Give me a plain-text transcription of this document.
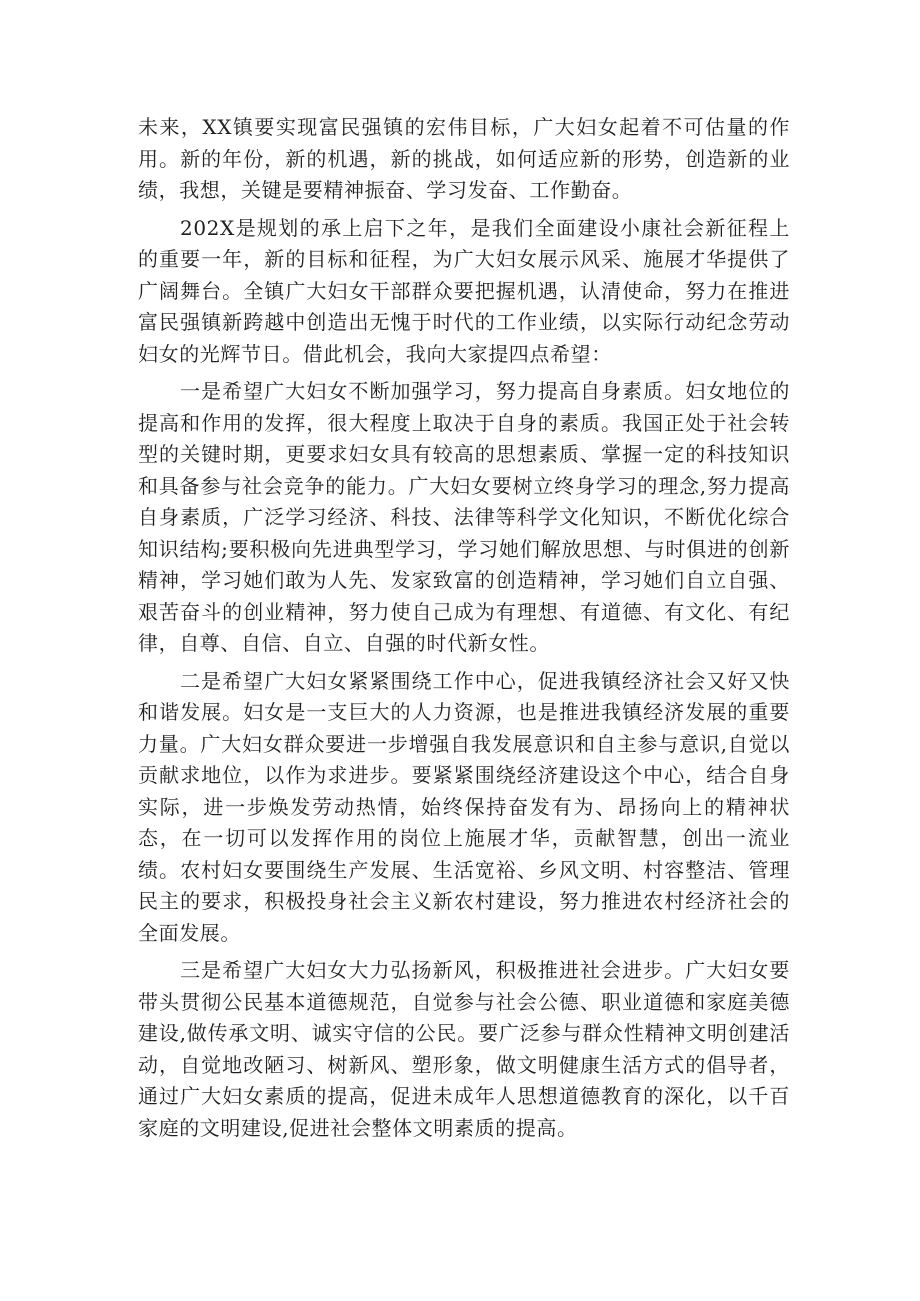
未来，XX镇要实现富民强镇的宏伟目标，广大妇女起着不可估量的作用。新的年份，新的机遇，新的挑战，如何适应新的形势，创造新的业绩，我想，关键是要精神振奋、学习发奋、工作勤奋。

202X是规划的承上启下之年，是我们全面建设小康社会新征程上的重要一年，新的目标和征程，为广大妇女展示风采、施展才华提供了广阔舞台。全镇广大妇女干部群众要把握机遇，认清使命，努力在推进富民强镇新跨越中创造出无愧于时代的工作业绩，以实际行动纪念劳动妇女的光辉节日。借此机会，我向大家提四点希望：

一是希望广大妇女不断加强学习，努力提高自身素质。妇女地位的提高和作用的发挥，很大程度上取决于自身的素质。我国正处于社会转型的关键时期，更要求妇女具有较高的思想素质、掌握一定的科技知识和具备参与社会竞争的能力。广大妇女要树立终身学习的理念,努力提高自身素质，广泛学习经济、科技、法律等科学文化知识，不断优化综合知识结构;要积极向先进典型学习，学习她们解放思想、与时俱进的创新精神，学习她们敢为人先、发家致富的创造精神，学习她们自立自强、艰苦奋斗的创业精神，努力使自己成为有理想、有道德、有文化、有纪律，自尊、自信、自立、自强的时代新女性。

二是希望广大妇女紧紧围绕工作中心，促进我镇经济社会又好又快和谐发展。妇女是一支巨大的人力资源，也是推进我镇经济发展的重要力量。广大妇女群众要进一步增强自我发展意识和自主参与意识,自觉以贡献求地位，以作为求进步。要紧紧围绕经济建设这个中心，结合自身实际，进一步焕发劳动热情，始终保持奋发有为、昂扬向上的精神状态，在一切可以发挥作用的岗位上施展才华，贡献智慧，创出一流业绩。农村妇女要围绕生产发展、生活宽裕、乡风文明、村容整洁、管理民主的要求，积极投身社会主义新农村建设，努力推进农村经济社会的全面发展。

三是希望广大妇女大力弘扬新风，积极推进社会进步。广大妇女要带头贯彻公民基本道德规范，自觉参与社会公德、职业道德和家庭美德建设,做传承文明、诚实守信的公民。要广泛参与群众性精神文明创建活动，自觉地改陋习、树新风、塑形象，做文明健康生活方式的倡导者，通过广大妇女素质的提高，促进未成年人思想道德教育的深化，以千百家庭的文明建设,促进社会整体文明素质的提高。
